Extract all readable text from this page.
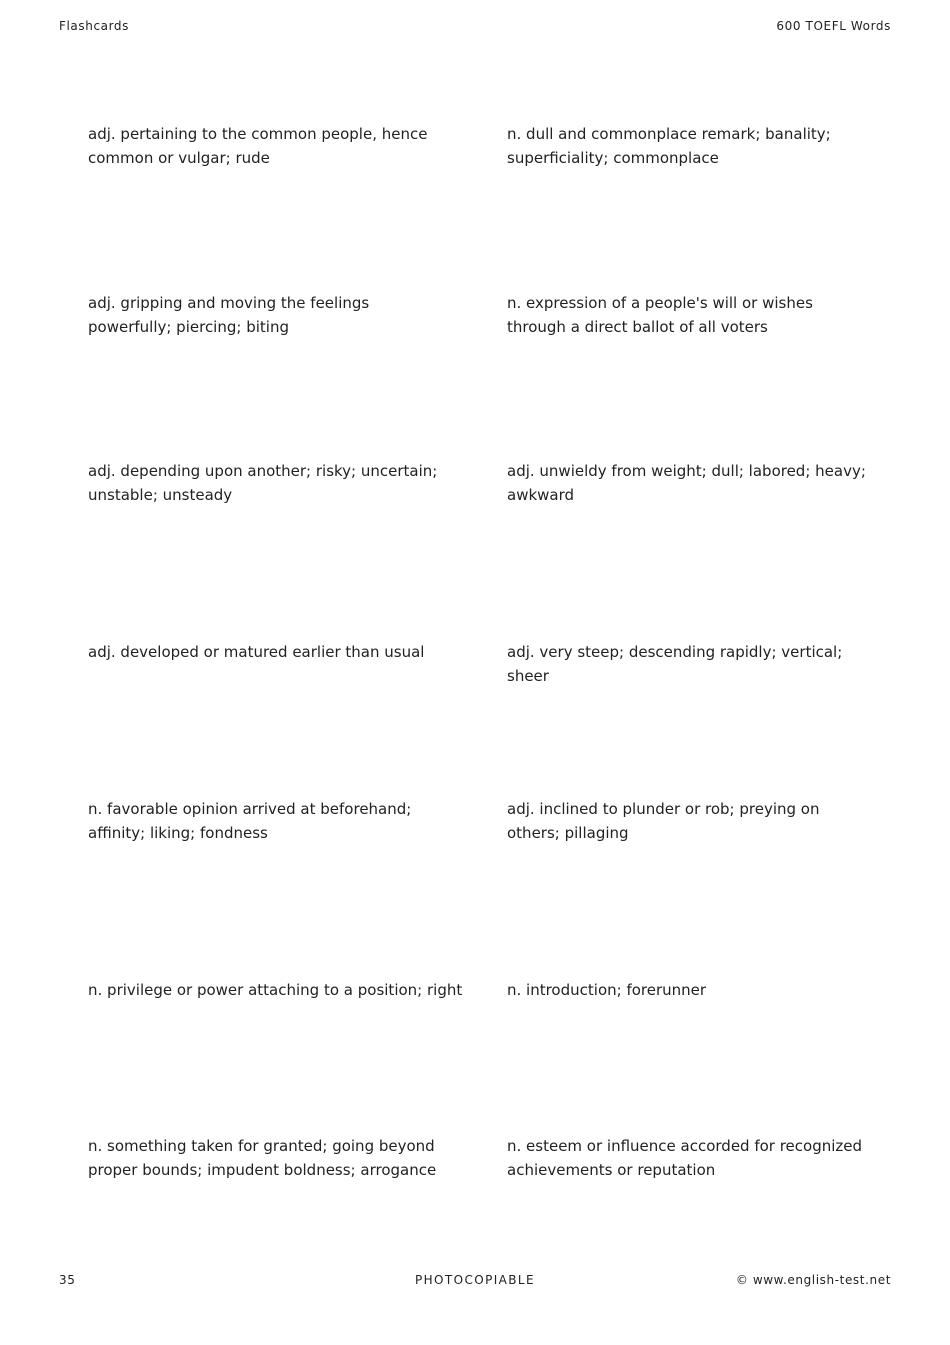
Flashcards	600 TOEFL Words
adj. pertaining to the common people, hence common or vulgar; rude
n. dull and commonplace remark; banality; superficiality; commonplace
adj. gripping and moving the feelings powerfully; piercing; biting
n. expression of a people's will or wishes through a direct ballot of all voters
adj. depending upon another; risky; uncertain; unstable; unsteady
adj. unwieldy from weight; dull; labored; heavy; awkward
adj. developed or matured earlier than usual	adj. very steep; descending rapidly; vertical; sheer
n. favorable opinion arrived at beforehand; affinity; liking; fondness
adj. inclined to plunder or rob; preying on others; pillaging
n. privilege or power attaching to a position; right	n. introduction; forerunner
n. something taken for granted; going beyond proper bounds; impudent boldness; arrogance
n. esteem or influence accorded for recognized achievements or reputation
35	PHOTOCOPIABLE	© www.english-test.net
